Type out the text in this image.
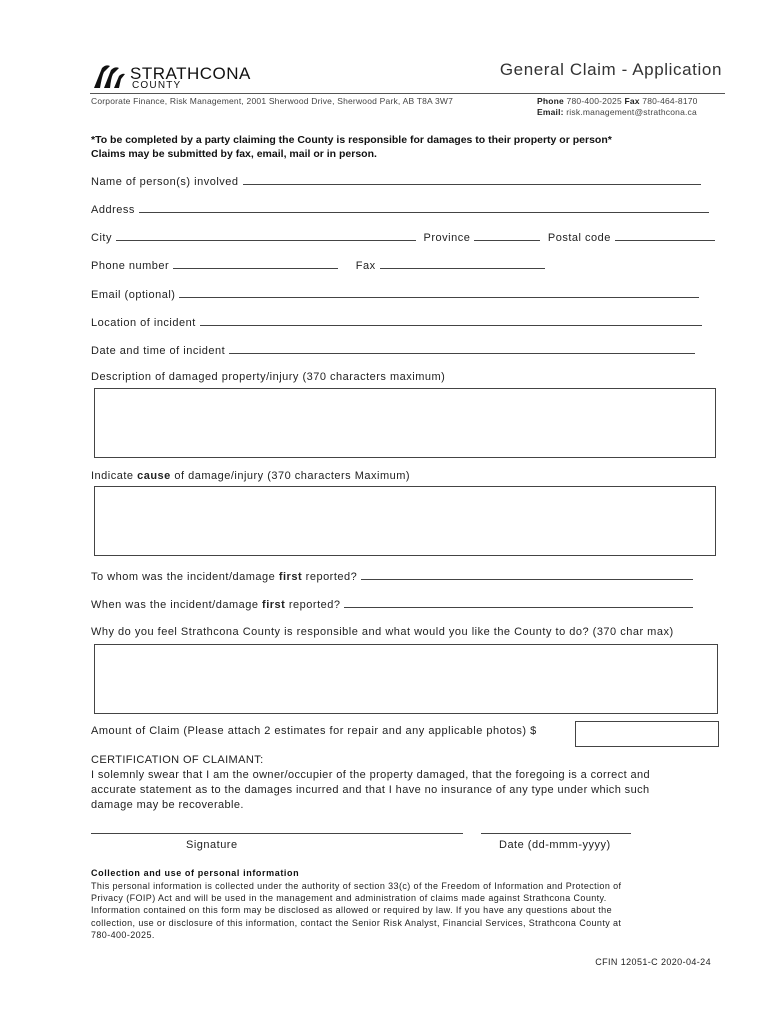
STRATHCONA
COUNTY
General Claim - Application
Corporate Finance, Risk Management, 2001 Sherwood Drive, Sherwood Park, AB T8A 3W7	Phone 780-400-2025 Fax 780-464-8170
Email: risk.management@strathcona.ca
*To be completed by a party claiming the County is responsible for damages to their property or person*
Claims may be submitted by fax, email, mail or in person.
Name of person(s) involved
Address
City	Province	Postal code
Phone number	Fax
Email (optional)
Location of incident
Date and time of incident
Description of damaged property/injury (370 characters maximum)
Indicate cause of damage/injury (370 characters Maximum)
To whom was the incident/damage first reported?
When was the incident/damage first reported?
Why do you feel Strathcona County is responsible and what would you like the County to do? (370 char max)
Amount of Claim (Please attach 2 estimates for repair and any applicable photos) $
CERTIFICATION OF CLAIMANT:
I solemnly swear that I am the owner/occupier of the property damaged, that the foregoing is a correct and
accurate statement as to the damages incurred and that I have no insurance of any type under which such
damage may be recoverable.
Signature	Date (dd-mmm-yyyy)
Collection and use of personal information
This personal information is collected under the authority of section 33(c) of the Freedom of Information and Protection of
Privacy (FOIP) Act and will be used in the management and administration of claims made against Strathcona County.
Information contained on this form may be disclosed as allowed or required by law. If you have any questions about the
collection, use or disclosure of this information, contact the Senior Risk Analyst, Financial Services, Strathcona County at
780-400-2025.
CFIN 12051-C 2020-04-24
